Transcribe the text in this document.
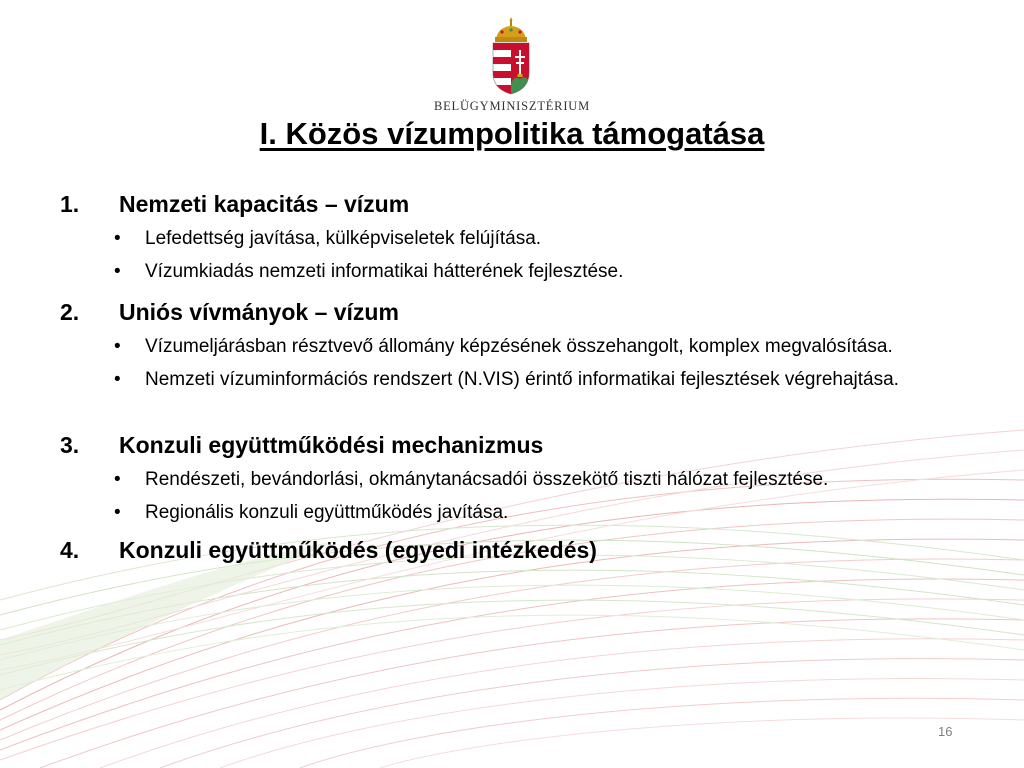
BELÜGYMINISZTÉRIUM

I. Közös vízumpolitika támogatása
1.	Nemzeti kapacitás – vízum
•	Lefedettség javítása, külképviseletek felújítása.
•	Vízumkiadás nemzeti informatikai hátterének fejlesztése.
2.	Uniós vívmányok – vízum
•	Vízumeljárásban résztvevő állomány képzésének összehangolt, komplex megvalósítása.
•	Nemzeti vízuminformációs rendszert (N.VIS) érintő informatikai fejlesztések végrehajtása.
3.	Konzuli együttműködési mechanizmus
•	Rendészeti, bevándorlási, okmánytanácsadói összekötő tiszti hálózat fejlesztése.
•	Regionális konzuli együttműködés javítása.
4.	Konzuli együttműködés (egyedi intézkedés)
16
